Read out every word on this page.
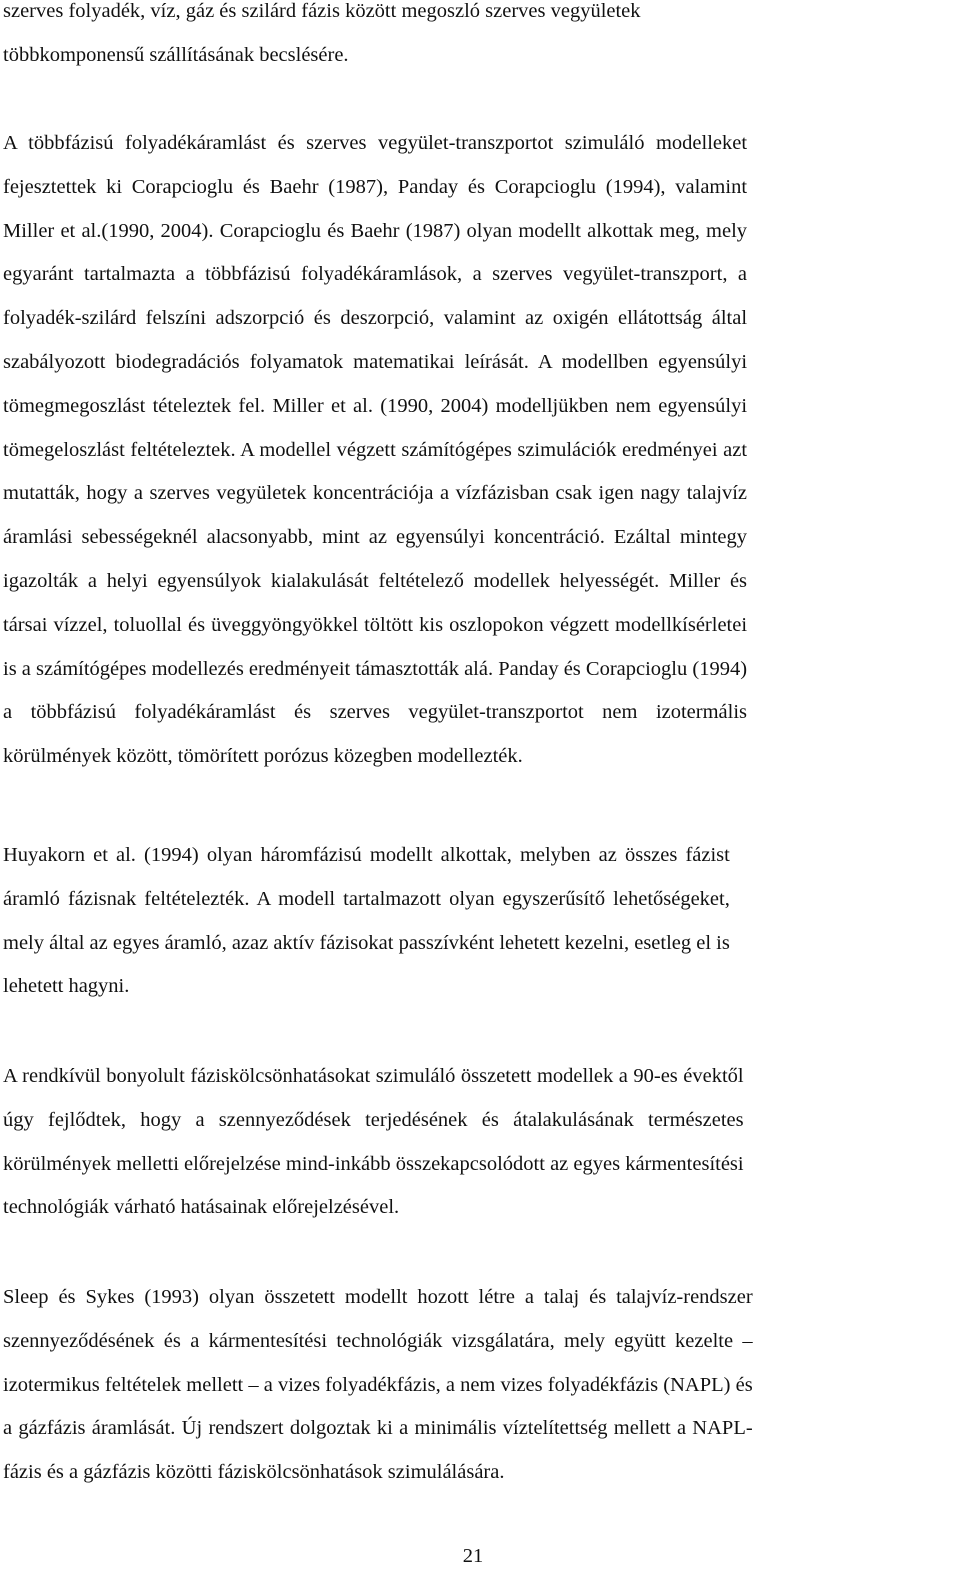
szerves folyadék, víz, gáz és szilárd fázis között megoszló szerves vegyületek
többkomponensű szállításának becslésére.
A többfázisú folyadékáramlást és szerves vegyület-transzportot szimuláló modelleket
fejesztettek ki Corapcioglu és Baehr (1987), Panday és Corapcioglu (1994), valamint
Miller et al.(1990, 2004). Corapcioglu és Baehr (1987) olyan modellt alkottak meg, mely
egyaránt tartalmazta a többfázisú folyadékáramlások, a szerves vegyület-transzport, a
folyadék-szilárd felszíni adszorpció és deszorpció, valamint az oxigén ellátottság által
szabályozott biodegradációs folyamatok matematikai leírását. A modellben egyensúlyi
tömegmegoszlást tételeztek fel. Miller et al. (1990, 2004) modelljükben nem egyensúlyi
tömegeloszlást feltételeztek. A modellel végzett számítógépes szimulációk eredményei azt
mutatták, hogy a szerves vegyületek koncentrációja a vízfázisban csak igen nagy talajvíz
áramlási sebességeknél alacsonyabb, mint az egyensúlyi koncentráció. Ezáltal mintegy
igazolták a helyi egyensúlyok kialakulását feltételező modellek helyességét. Miller és
társai vízzel, toluollal és üveggyöngyökkel töltött kis oszlopokon végzett modellkísérletei
is a számítógépes modellezés eredményeit támasztották alá. Panday és Corapcioglu (1994)
a többfázisú folyadékáramlást és szerves vegyület-transzportot nem izotermális
körülmények között, tömörített porózus közegben modellezték.
Huyakorn et al. (1994) olyan háromfázisú modellt alkottak, melyben az összes fázist
áramló fázisnak feltételezték. A modell tartalmazott olyan egyszerűsítő lehetőségeket,
mely által az egyes áramló, azaz aktív fázisokat passzívként lehetett kezelni, esetleg el is
lehetett hagyni.
A rendkívül bonyolult fáziskölcsönhatásokat szimuláló összetett modellek a 90-es évektől
úgy fejlődtek, hogy a szennyeződések terjedésének és átalakulásának természetes
körülmények melletti előrejelzése mind-inkább összekapcsolódott az egyes kármentesítési
technológiák várható hatásainak előrejelzésével.
Sleep és Sykes (1993) olyan összetett modellt hozott létre a talaj és talajvíz-rendszer
szennyeződésének és a kármentesítési technológiák vizsgálatára, mely együtt kezelte –
izotermikus feltételek mellett – a vizes folyadékfázis, a nem vizes folyadékfázis (NAPL) és
a gázfázis áramlását. Új rendszert dolgoztak ki a minimális víztelítettség mellett a NAPL-
fázis és a gázfázis közötti fáziskölcsönhatások szimulálására.
21
